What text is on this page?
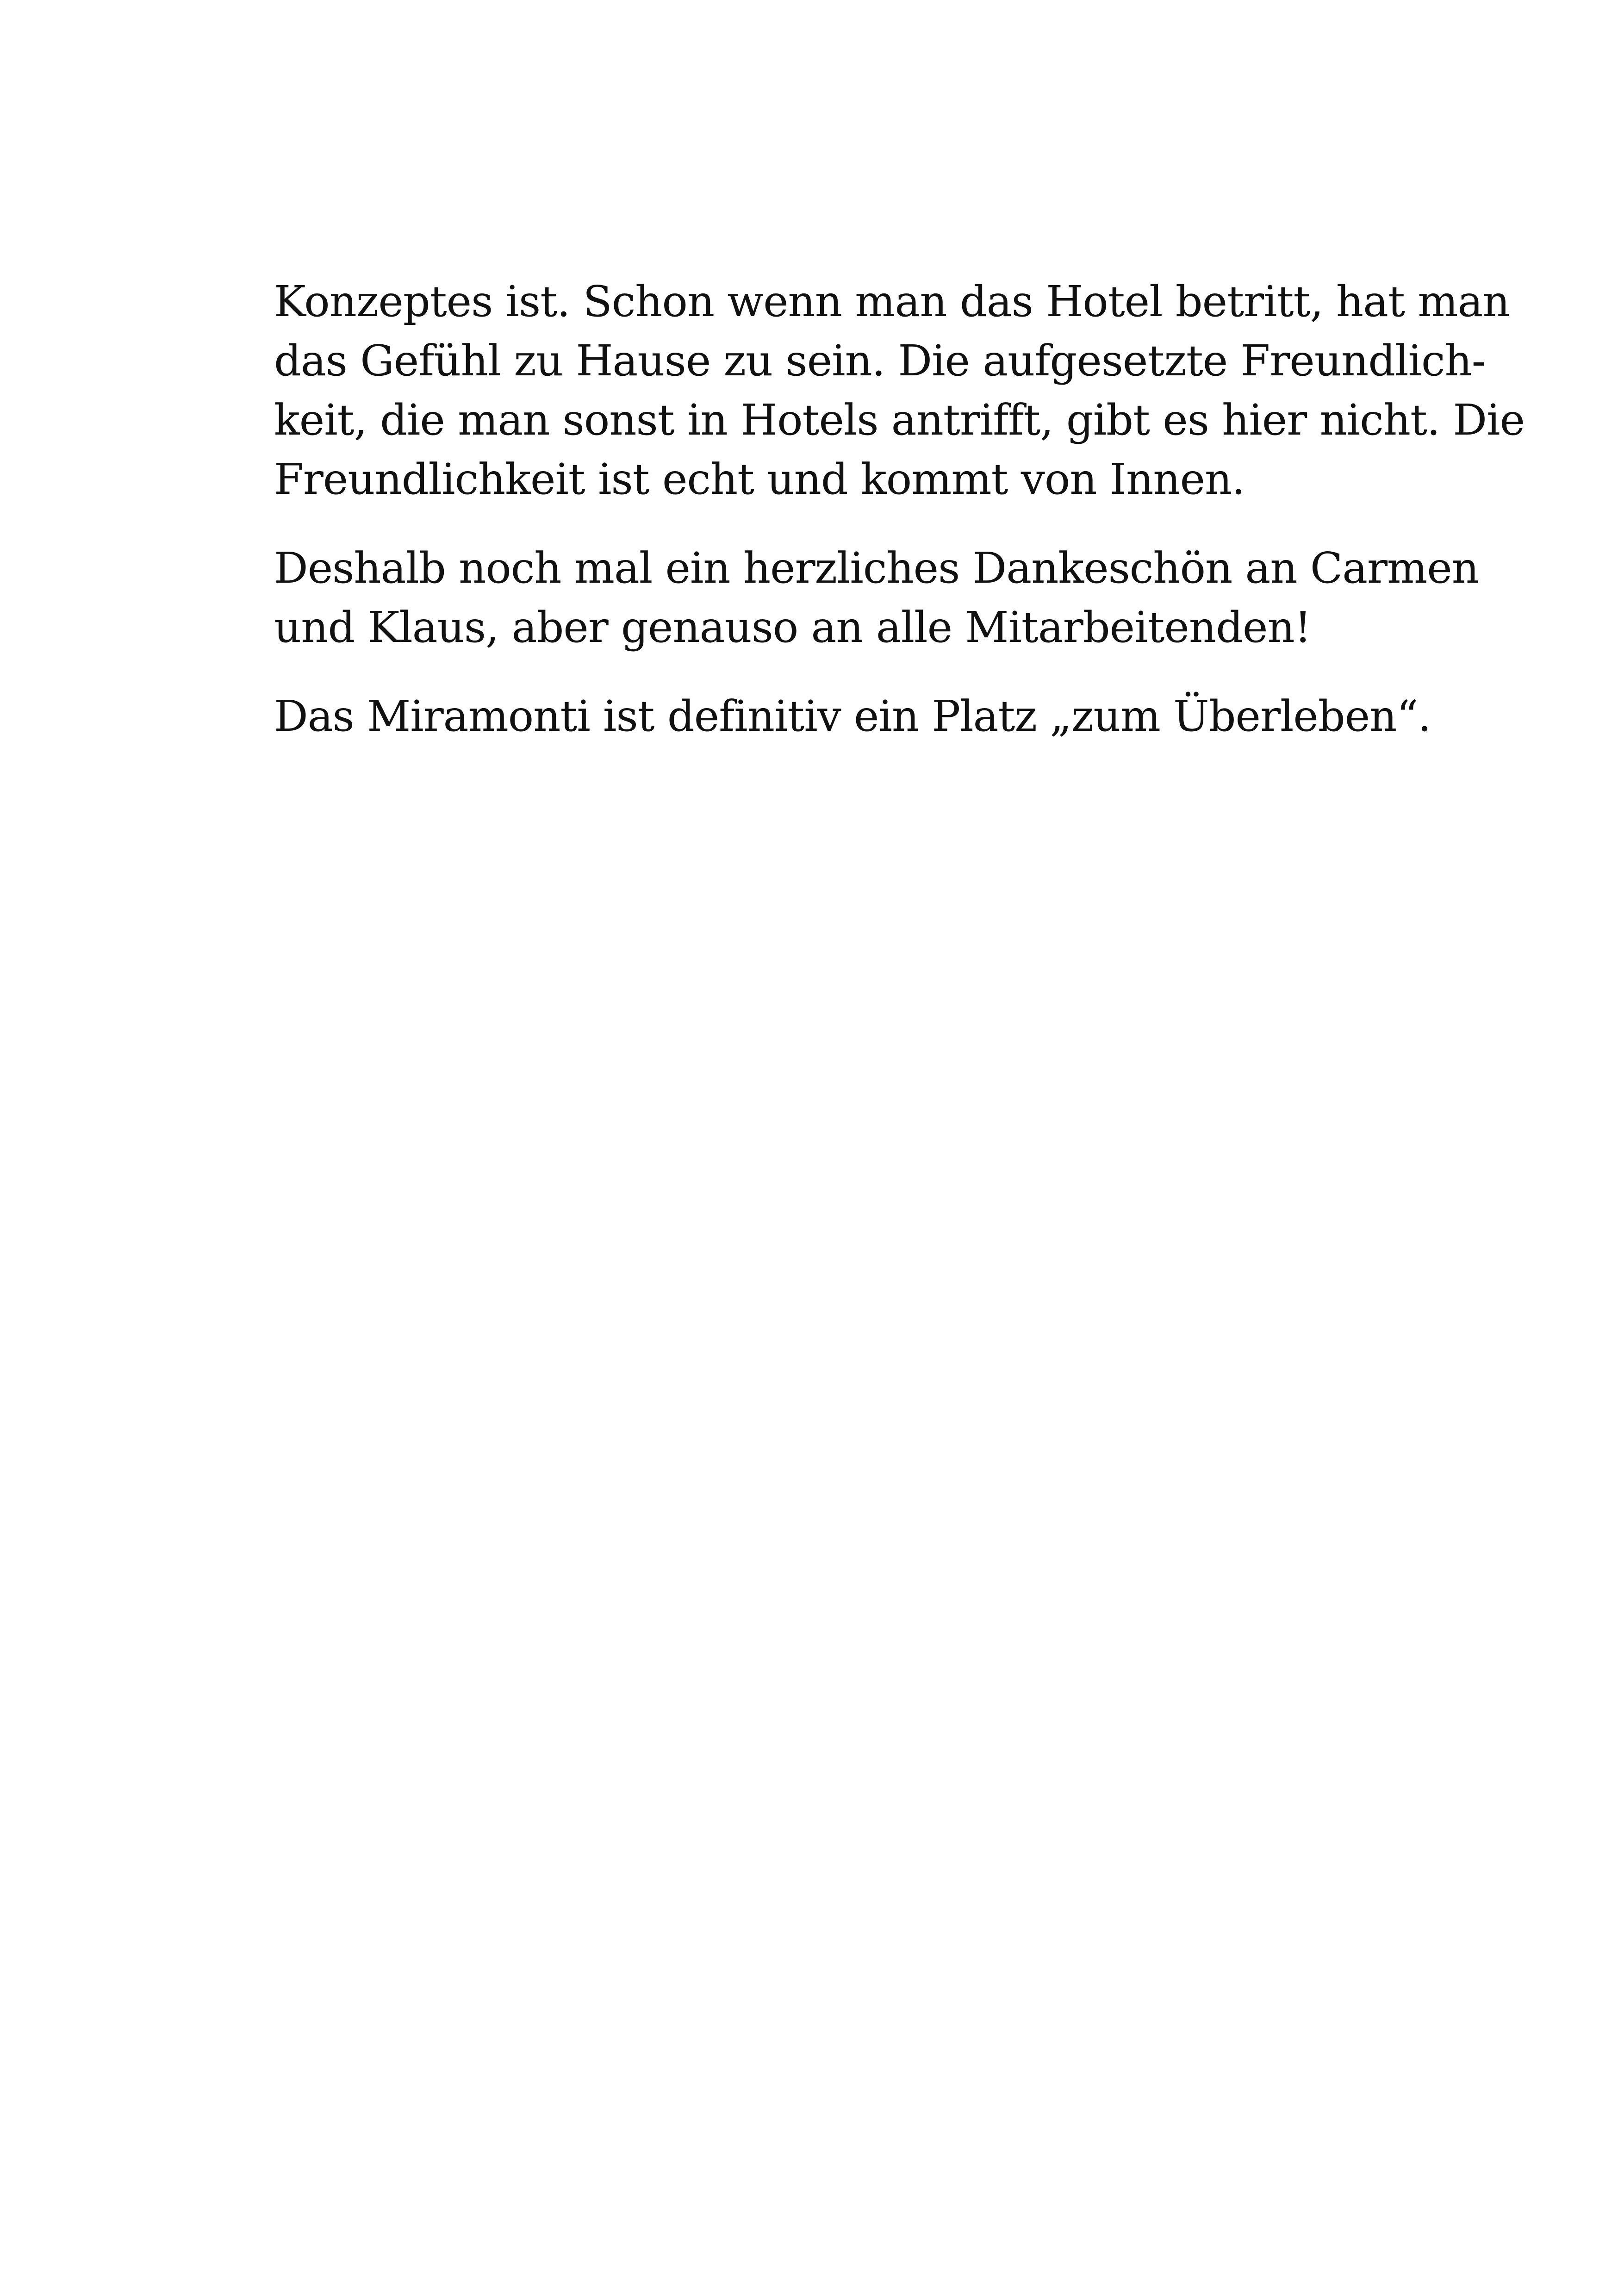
Konzeptes ist. Schon wenn man das Hotel betritt, hat man
das Gefühl zu Hause zu sein. Die aufgesetzte Freundlich-
keit, die man sonst in Hotels antrifft, gibt es hier nicht. Die
Freundlichkeit ist echt und kommt von Innen.

Deshalb noch mal ein herzliches Dankeschön an Carmen
und Klaus, aber genauso an alle Mitarbeitenden!

Das Miramonti ist definitiv ein Platz „zum Überleben“.
